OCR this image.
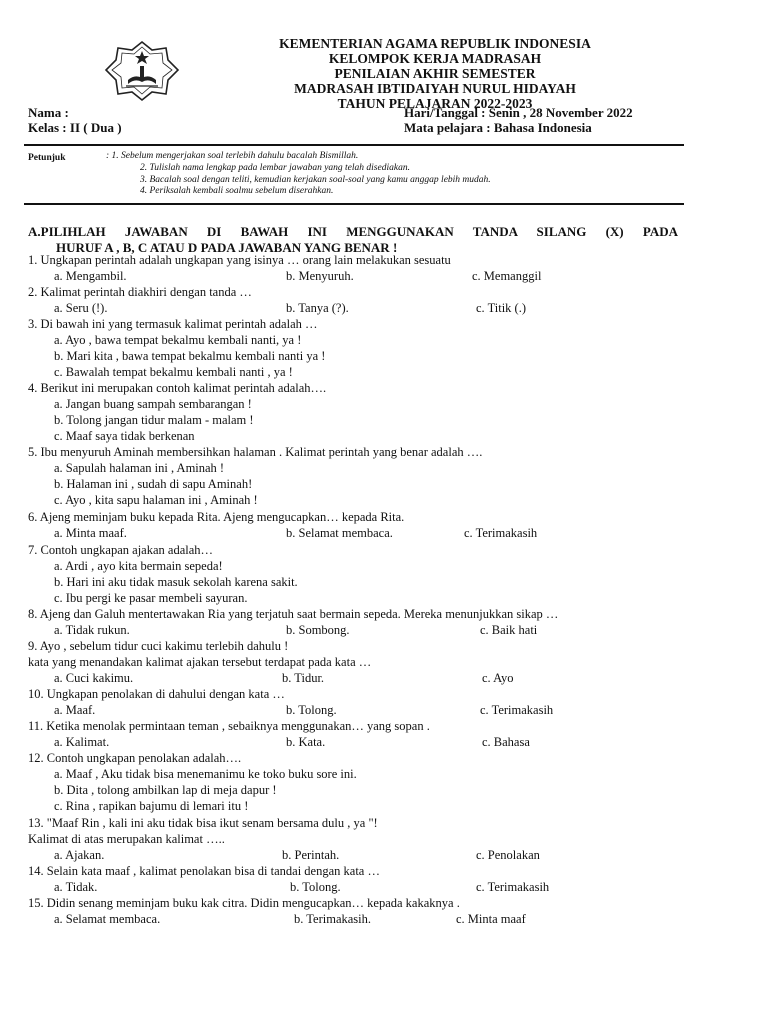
KEMENTERIAN AGAMA REPUBLIK INDONESIA
KELOMPOK KERJA MADRASAH
PENILAIAN AKHIR SEMESTER
MADRASAH IBTIDAIYAH NURUL HIDAYAH
TAHUN PELAJARAN 2022-2023
Nama :
Kelas : II ( Dua )
Hari/Tanggal : Senin , 28 November 2022
Mata pelajara : Bahasa Indonesia
Petunjuk	: 1. Sebelum mengerjakan soal terlebih dahulu bacalah Bismillah.
2. Tulislah nama lengkap pada lembar jawaban yang telah disediakan.
3. Bacalah soal dengan teliti, kemudian kerjakan soal-soal yang kamu anggap lebih mudah.
4. Periksalah kembali soalmu sebelum diserahkan.
A.PILIHLAH JAWABAN DI BAWAH INI MENGGUNAKAN TANDA SILANG (X) PADA
HURUF A , B, C ATAU D PADA JAWABAN YANG BENAR !
1. Ungkapan perintah adalah ungkapan yang isinya … orang lain melakukan sesuatu
a. Mengambil.	b. Menyuruh.	c. Memanggil
2. Kalimat perintah diakhiri dengan tanda …
a. Seru (!).	b. Tanya (?).	c. Titik (.)
3. Di bawah ini yang termasuk kalimat perintah adalah …
a. Ayo , bawa tempat bekalmu kembali nanti, ya !
b. Mari kita , bawa tempat bekalmu kembali nanti ya !
c. Bawalah tempat bekalmu kembali nanti , ya !
4. Berikut ini merupakan contoh kalimat perintah adalah….
a. Jangan buang sampah sembarangan !
b. Tolong jangan tidur malam - malam !
c. Maaf saya tidak berkenan
5. Ibu menyuruh Aminah membersihkan halaman . Kalimat perintah yang benar adalah ….
a. Sapulah halaman ini , Aminah !
b. Halaman ini , sudah di sapu Aminah!
c. Ayo , kita sapu halaman ini , Aminah !
6. Ajeng meminjam buku kepada Rita. Ajeng mengucapkan… kepada Rita.
a. Minta maaf.	b. Selamat membaca.	c. Terimakasih
7. Contoh ungkapan ajakan adalah…
a. Ardi , ayo kita bermain sepeda!
b. Hari ini aku tidak masuk sekolah karena sakit.
c. Ibu pergi ke pasar membeli sayuran.
8. Ajeng dan Galuh mentertawakan Ria yang terjatuh saat bermain sepeda. Mereka menunjukkan sikap …
a. Tidak rukun.	b. Sombong.	c. Baik hati
9. Ayo , sebelum tidur cuci kakimu terlebih dahulu !
kata yang menandakan kalimat ajakan tersebut terdapat pada kata …
a. Cuci kakimu.	b. Tidur.	c. Ayo
10. Ungkapan penolakan di dahului dengan kata …
a. Maaf.	b. Tolong.	c. Terimakasih
11. Ketika menolak permintaan teman , sebaiknya menggunakan… yang sopan .
a. Kalimat.	b. Kata.	c. Bahasa
12. Contoh ungkapan penolakan adalah….
a. Maaf , Aku tidak bisa menemanimu ke toko buku sore ini.
b. Dita , tolong ambilkan lap di meja dapur !
c. Rina , rapikan bajumu di lemari itu !
13. "Maaf Rin , kali ini aku tidak bisa ikut senam bersama dulu , ya "!
Kalimat di atas merupakan kalimat …..
a. Ajakan.	b. Perintah.	c. Penolakan
14. Selain kata maaf , kalimat penolakan bisa di tandai dengan kata …
a. Tidak.	b. Tolong.	c. Terimakasih
15. Didin senang meminjam buku kak citra. Didin mengucapkan… kepada kakaknya .
a. Selamat membaca.	b. Terimakasih.	c. Minta maaf
